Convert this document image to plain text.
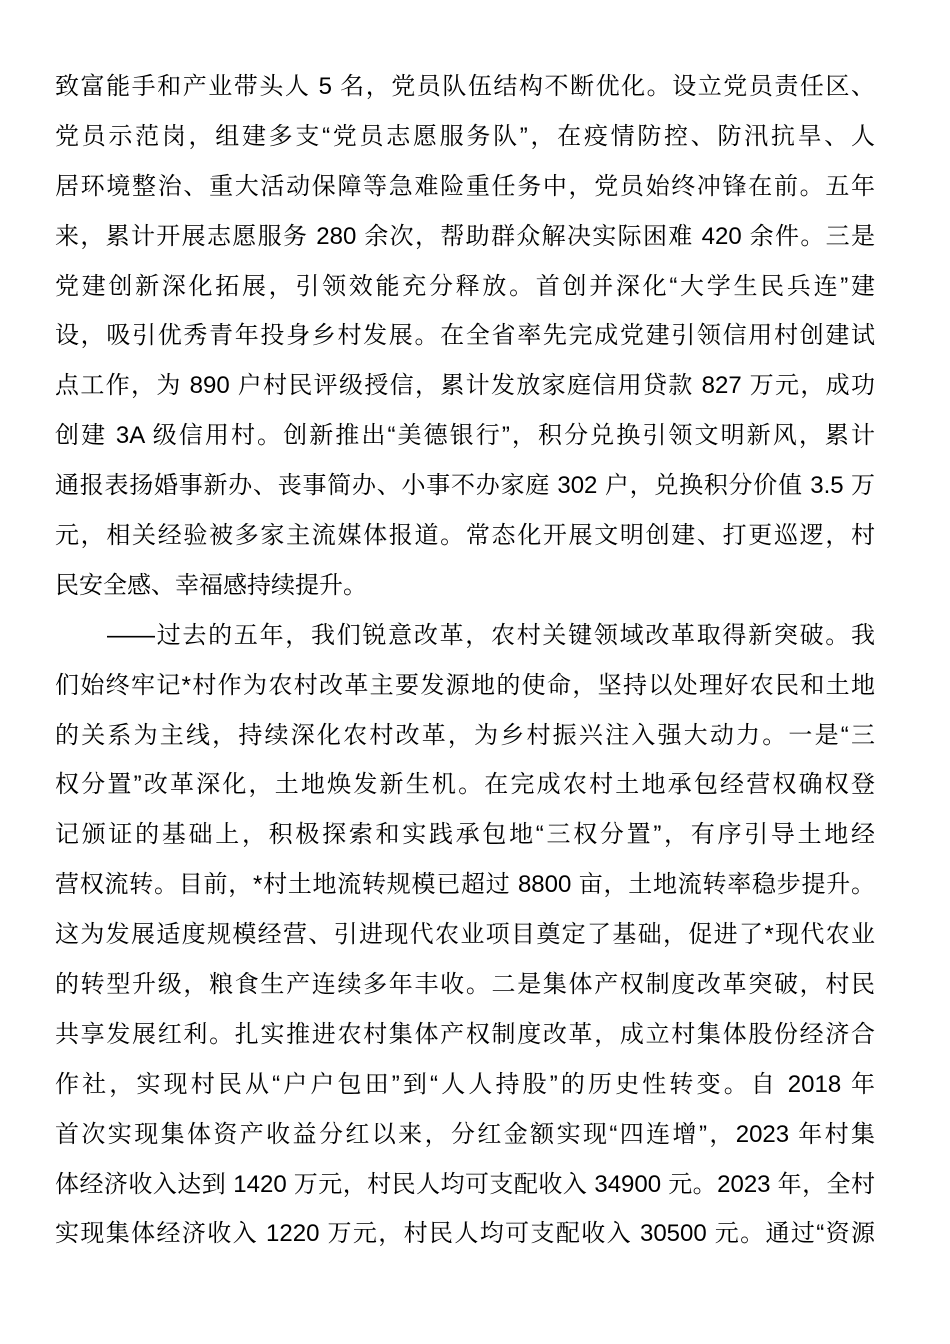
致富能手和产业带头人 5 名，党员队伍结构不断优化。设立党员责任区、
党员示范岗，组建多支“党员志愿服务队”，在疫情防控、防汛抗旱、人
居环境整治、重大活动保障等急难险重任务中，党员始终冲锋在前。五年
来，累计开展志愿服务 280 余次，帮助群众解决实际困难 420 余件。三是
党建创新深化拓展，引领效能充分释放。首创并深化“大学生民兵连”建
设，吸引优秀青年投身乡村发展。在全省率先完成党建引领信用村创建试
点工作，为 890 户村民评级授信，累计发放家庭信用贷款 827 万元，成功
创建 3A 级信用村。创新推出“美德银行”，积分兑换引领文明新风，累计
通报表扬婚事新办、丧事简办、小事不办家庭 302 户，兑换积分价值 3.5 万
元，相关经验被多家主流媒体报道。常态化开展文明创建、打更巡逻，村
民安全感、幸福感持续提升。
——过去的五年，我们锐意改革，农村关键领域改革取得新突破。我
们始终牢记*村作为农村改革主要发源地的使命，坚持以处理好农民和土地
的关系为主线，持续深化农村改革，为乡村振兴注入强大动力。一是“三
权分置”改革深化，土地焕发新生机。在完成农村土地承包经营权确权登
记颁证的基础上，积极探索和实践承包地“三权分置”，有序引导土地经
营权流转。目前，*村土地流转规模已超过 8800 亩，土地流转率稳步提升。
这为发展适度规模经营、引进现代农业项目奠定了基础，促进了*现代农业
的转型升级，粮食生产连续多年丰收。二是集体产权制度改革突破，村民
共享发展红利。扎实推进农村集体产权制度改革，成立村集体股份经济合
作社，实现村民从“户户包田”到“人人持股”的历史性转变。自 2018 年
首次实现集体资产收益分红以来，分红金额实现“四连增”，2023 年村集
体经济收入达到 1420 万元，村民人均可支配收入 34900 元。2023 年，全村
实现集体经济收入 1220 万元，村民人均可支配收入 30500 元。通过“资源
